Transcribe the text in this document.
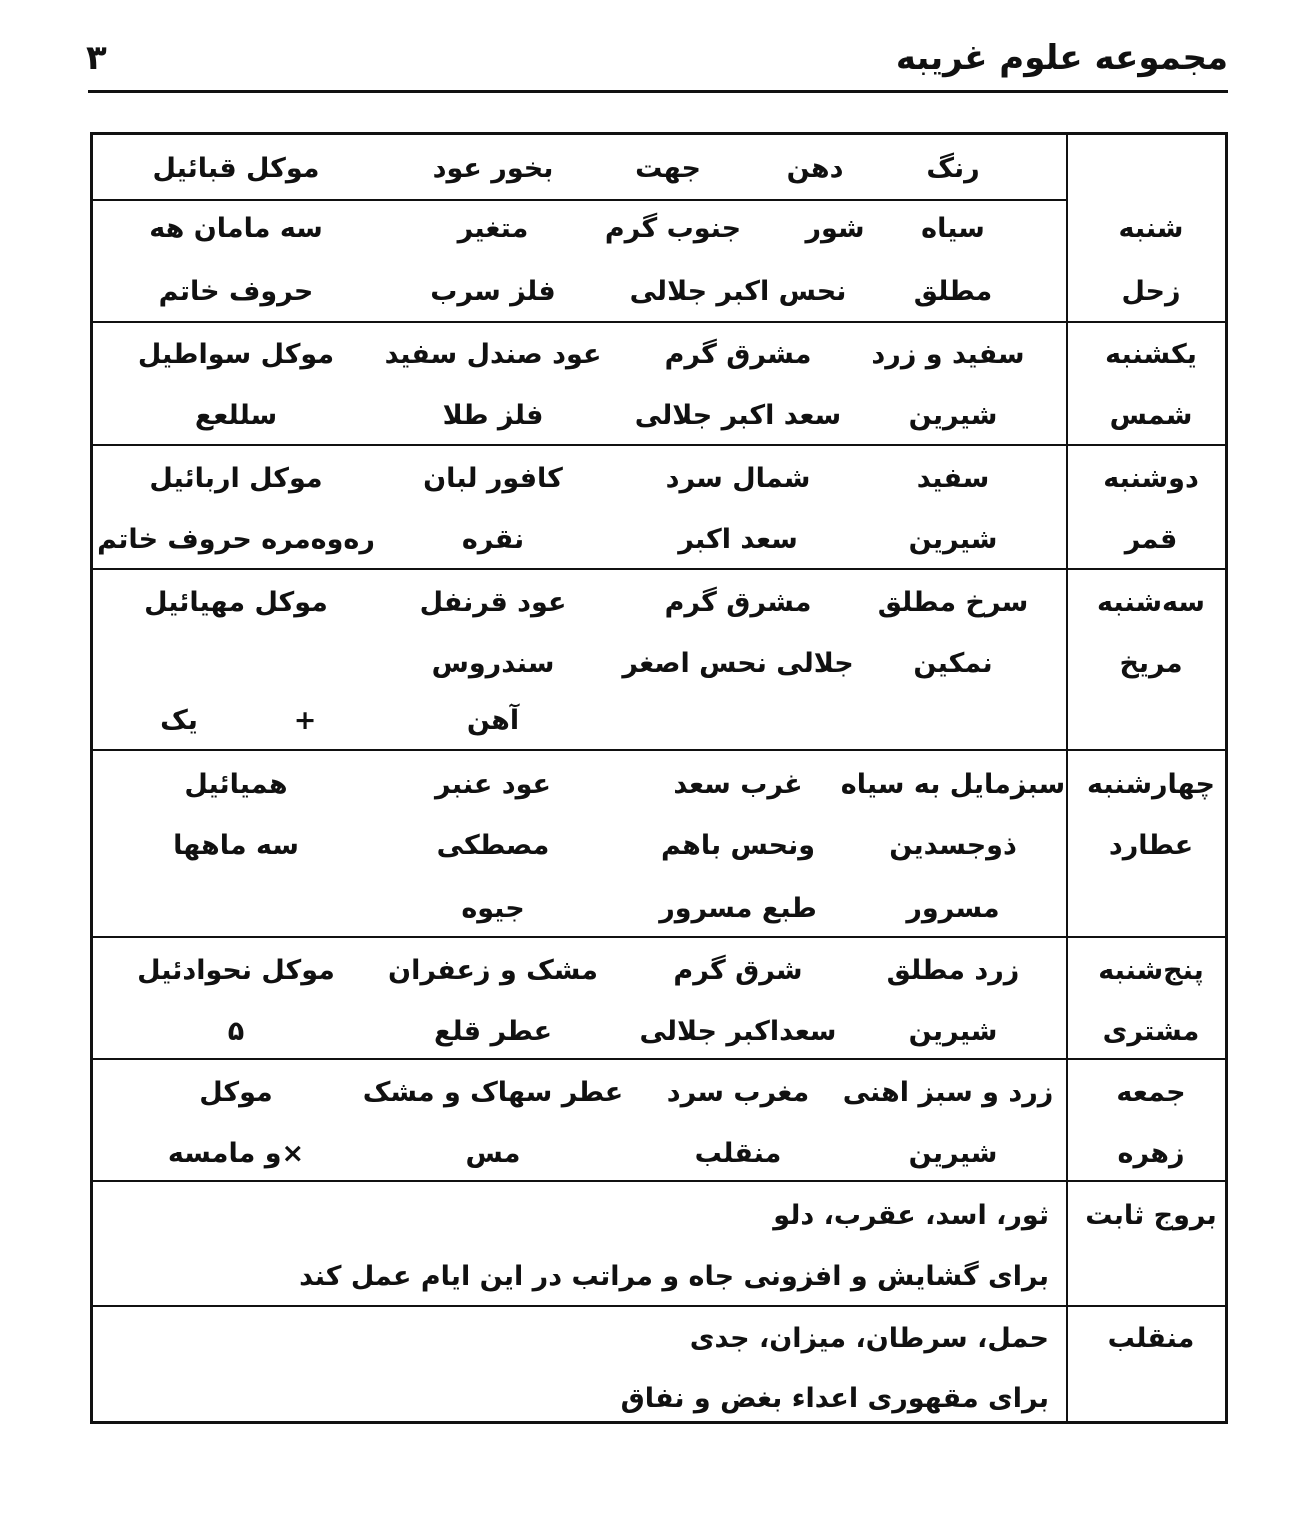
مجموعه علوم غریبه
٣
رنگ
دهن
جهت
بخور عود
موکل قبائیل
شنبه
زحل
سیاه
شور
جنوب گرم
متغیر
سه مامان هه
مطلق
نحس اکبر جلالی
فلز سرب
حروف خاتم
یکشنبه
شمس
سفید و زرد
مشرق گرم
عود صندل سفید
موکل سواطیل
شیرین
سعد اکبر جلالی
فلز طلا
سللعع
دوشنبه
قمر
سفید
شمال سرد
کافور لبان
موکل اربائیل
شیرین
سعد اکبر
نقره
ره‌وه‌مره حروف خاتم
سه‌شنبه
مریخ
سرخ مطلق
مشرق گرم
عود قرنفل
موکل مهیائیل
نمکین
جلالی نحس اصغر
سندروس
آهن
+
یک
چهارشنبه
عطارد
سبزمایل به سیاه
غرب سعد
عود عنبر
همیائیل
ذوجسدین
ونحس باهم
مصطکی
سه ماهها
مسرور
طبع مسرور
جیوه
پنج‌شنبه
مشتری
زرد مطلق
شرق گرم
مشک و زعفران
موکل نحوادئیل
شیرین
سعداکبر جلالی
عطر قلع
۵
جمعه
زهره
زرد و سبز اهنی
مغرب سرد
عطر سهاک و مشک
موکل
شیرین
منقلب
مس
×و مامسه
بروج ثابت
ثور، اسد، عقرب، دلو
برای گشایش و افزونی جاه و مراتب در این ایام عمل کند
منقلب
حمل، سرطان، میزان، جدی
برای مقهوری اعداء بغض و نفاق
